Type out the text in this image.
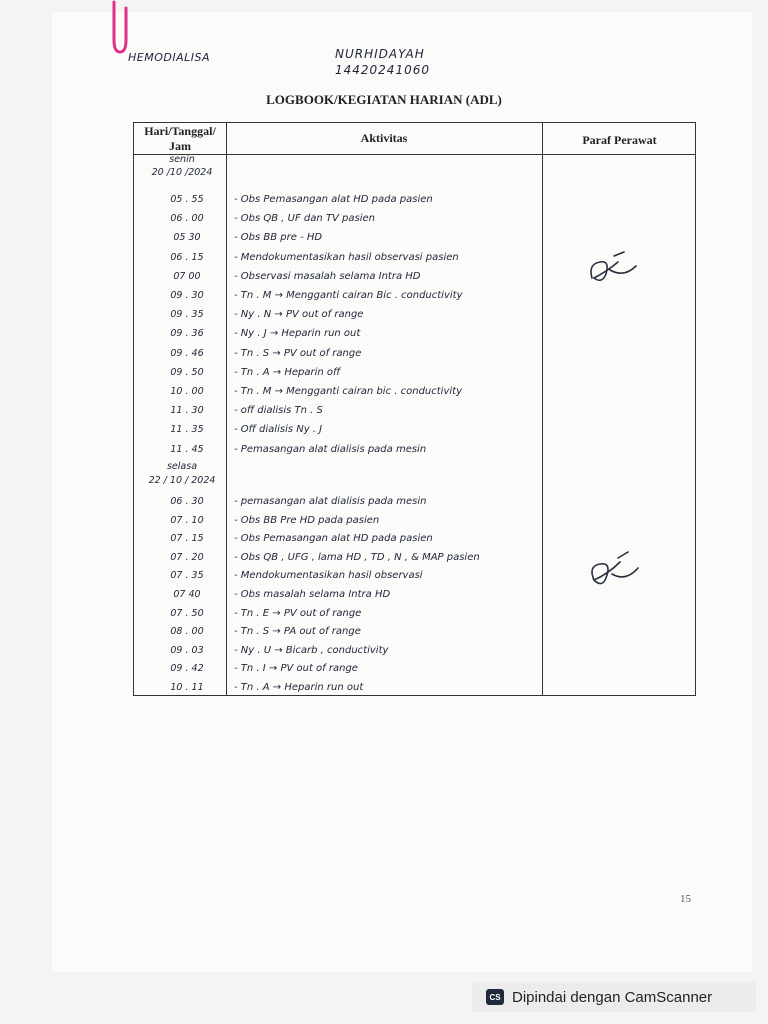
HEMODIALISA	NURHIDAYAH
14420241060
LOGBOOK/KEGIATAN HARIAN (ADL)
Hari/Tanggal/ Jam
Aktivitas	Paraf Perawat
senin
20 /10 /2024
05 . 55	- Obs Pemasangan alat HD pada pasien
06 . 00	- Obs QB , UF dan TV pasien
05 30	- Obs BB pre - HD
06 . 15	- Mendokumentasikan hasil observasi pasien
07 00	- Observasi masalah selama Intra HD
09 . 30	- Tn . M → Mengganti cairan Bic . conductivity
09 . 35	- Ny . N → PV out of range
09 . 36	- Ny . J → Heparin run out
09 . 46	- Tn . S → PV out of range
09 . 50	- Tn . A → Heparin off
10 . 00	- Tn . M → Mengganti cairan bic . conductivity
11 . 30	- off dialisis Tn . S
11 . 35	- Off dialisis Ny . J
11 . 45	- Pemasangan alat dialisis pada mesin
selasa
22 / 10 / 2024
06 . 30	- pemasangan alat dialisis pada mesin
07 . 10	- Obs BB Pre HD pada pasien
07 . 15	- Obs Pemasangan alat HD pada pasien
07 . 20	- Obs QB , UFG , lama HD , TD , N , & MAP pasien
07 . 35	- Mendokumentasikan hasil observasi
07 40	- Obs masalah selama Intra HD
07 . 50	- Tn . E → PV out of range
08 . 00	- Tn . S → PA out of range
09 . 03	- Ny . U → Bicarb , conductivity
09 . 42	- Tn . I → PV out of range
10 . 11	- Tn . A → Heparin run out
15
CS Dipindai dengan CamScanner
